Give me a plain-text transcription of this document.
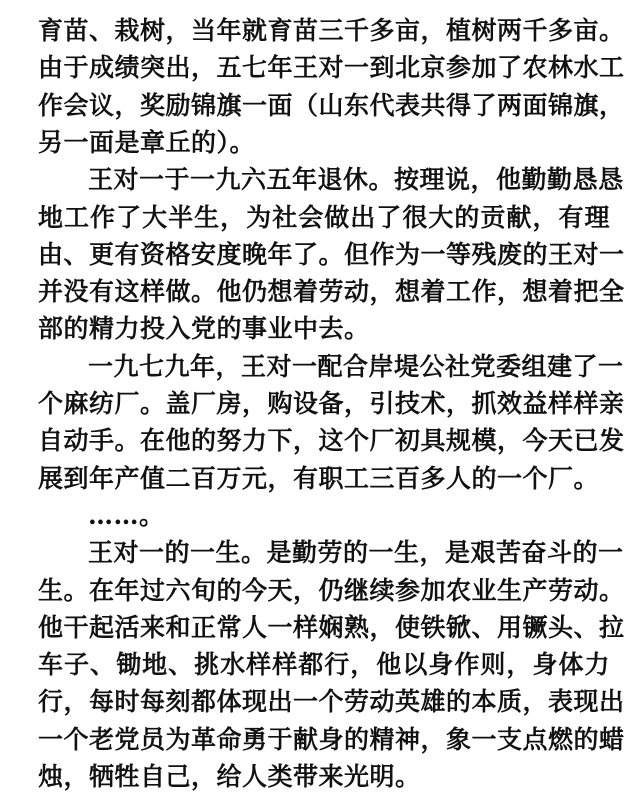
育苗、栽树，当年就育苗三千多亩，植树两千多亩。
由于成绩突出，五七年王对一到北京参加了农林水工
作会议，奖励锦旗一面（山东代表共得了两面锦旗，
另一面是章丘的）。
王对一于一九六五年退休。按理说，他勤勤恳恳
地工作了大半生，为社会做出了很大的贡献，有理
由、更有资格安度晚年了。但作为一等残废的王对一
并没有这样做。他仍想着劳动，想着工作，想着把全
部的精力投入党的事业中去。
一九七九年，王对一配合岸堤公社党委组建了一
个麻纺厂。盖厂房，购设备，引技术，抓效益样样亲
自动手。在他的努力下，这个厂初具规模，今天已发
展到年产值二百万元，有职工三百多人的一个厂。
……。
王对一的一生。是勤劳的一生，是艰苦奋斗的一
生。在年过六旬的今天，仍继续参加农业生产劳动。
他干起活来和正常人一样娴熟，使铁锨、用镢头、拉
车子、锄地、挑水样样都行，他以身作则，身体力
行，每时每刻都体现出一个劳动英雄的本质，表现出
一个老党员为革命勇于献身的精神，象一支点燃的蜡
烛，牺牲自己，给人类带来光明。
